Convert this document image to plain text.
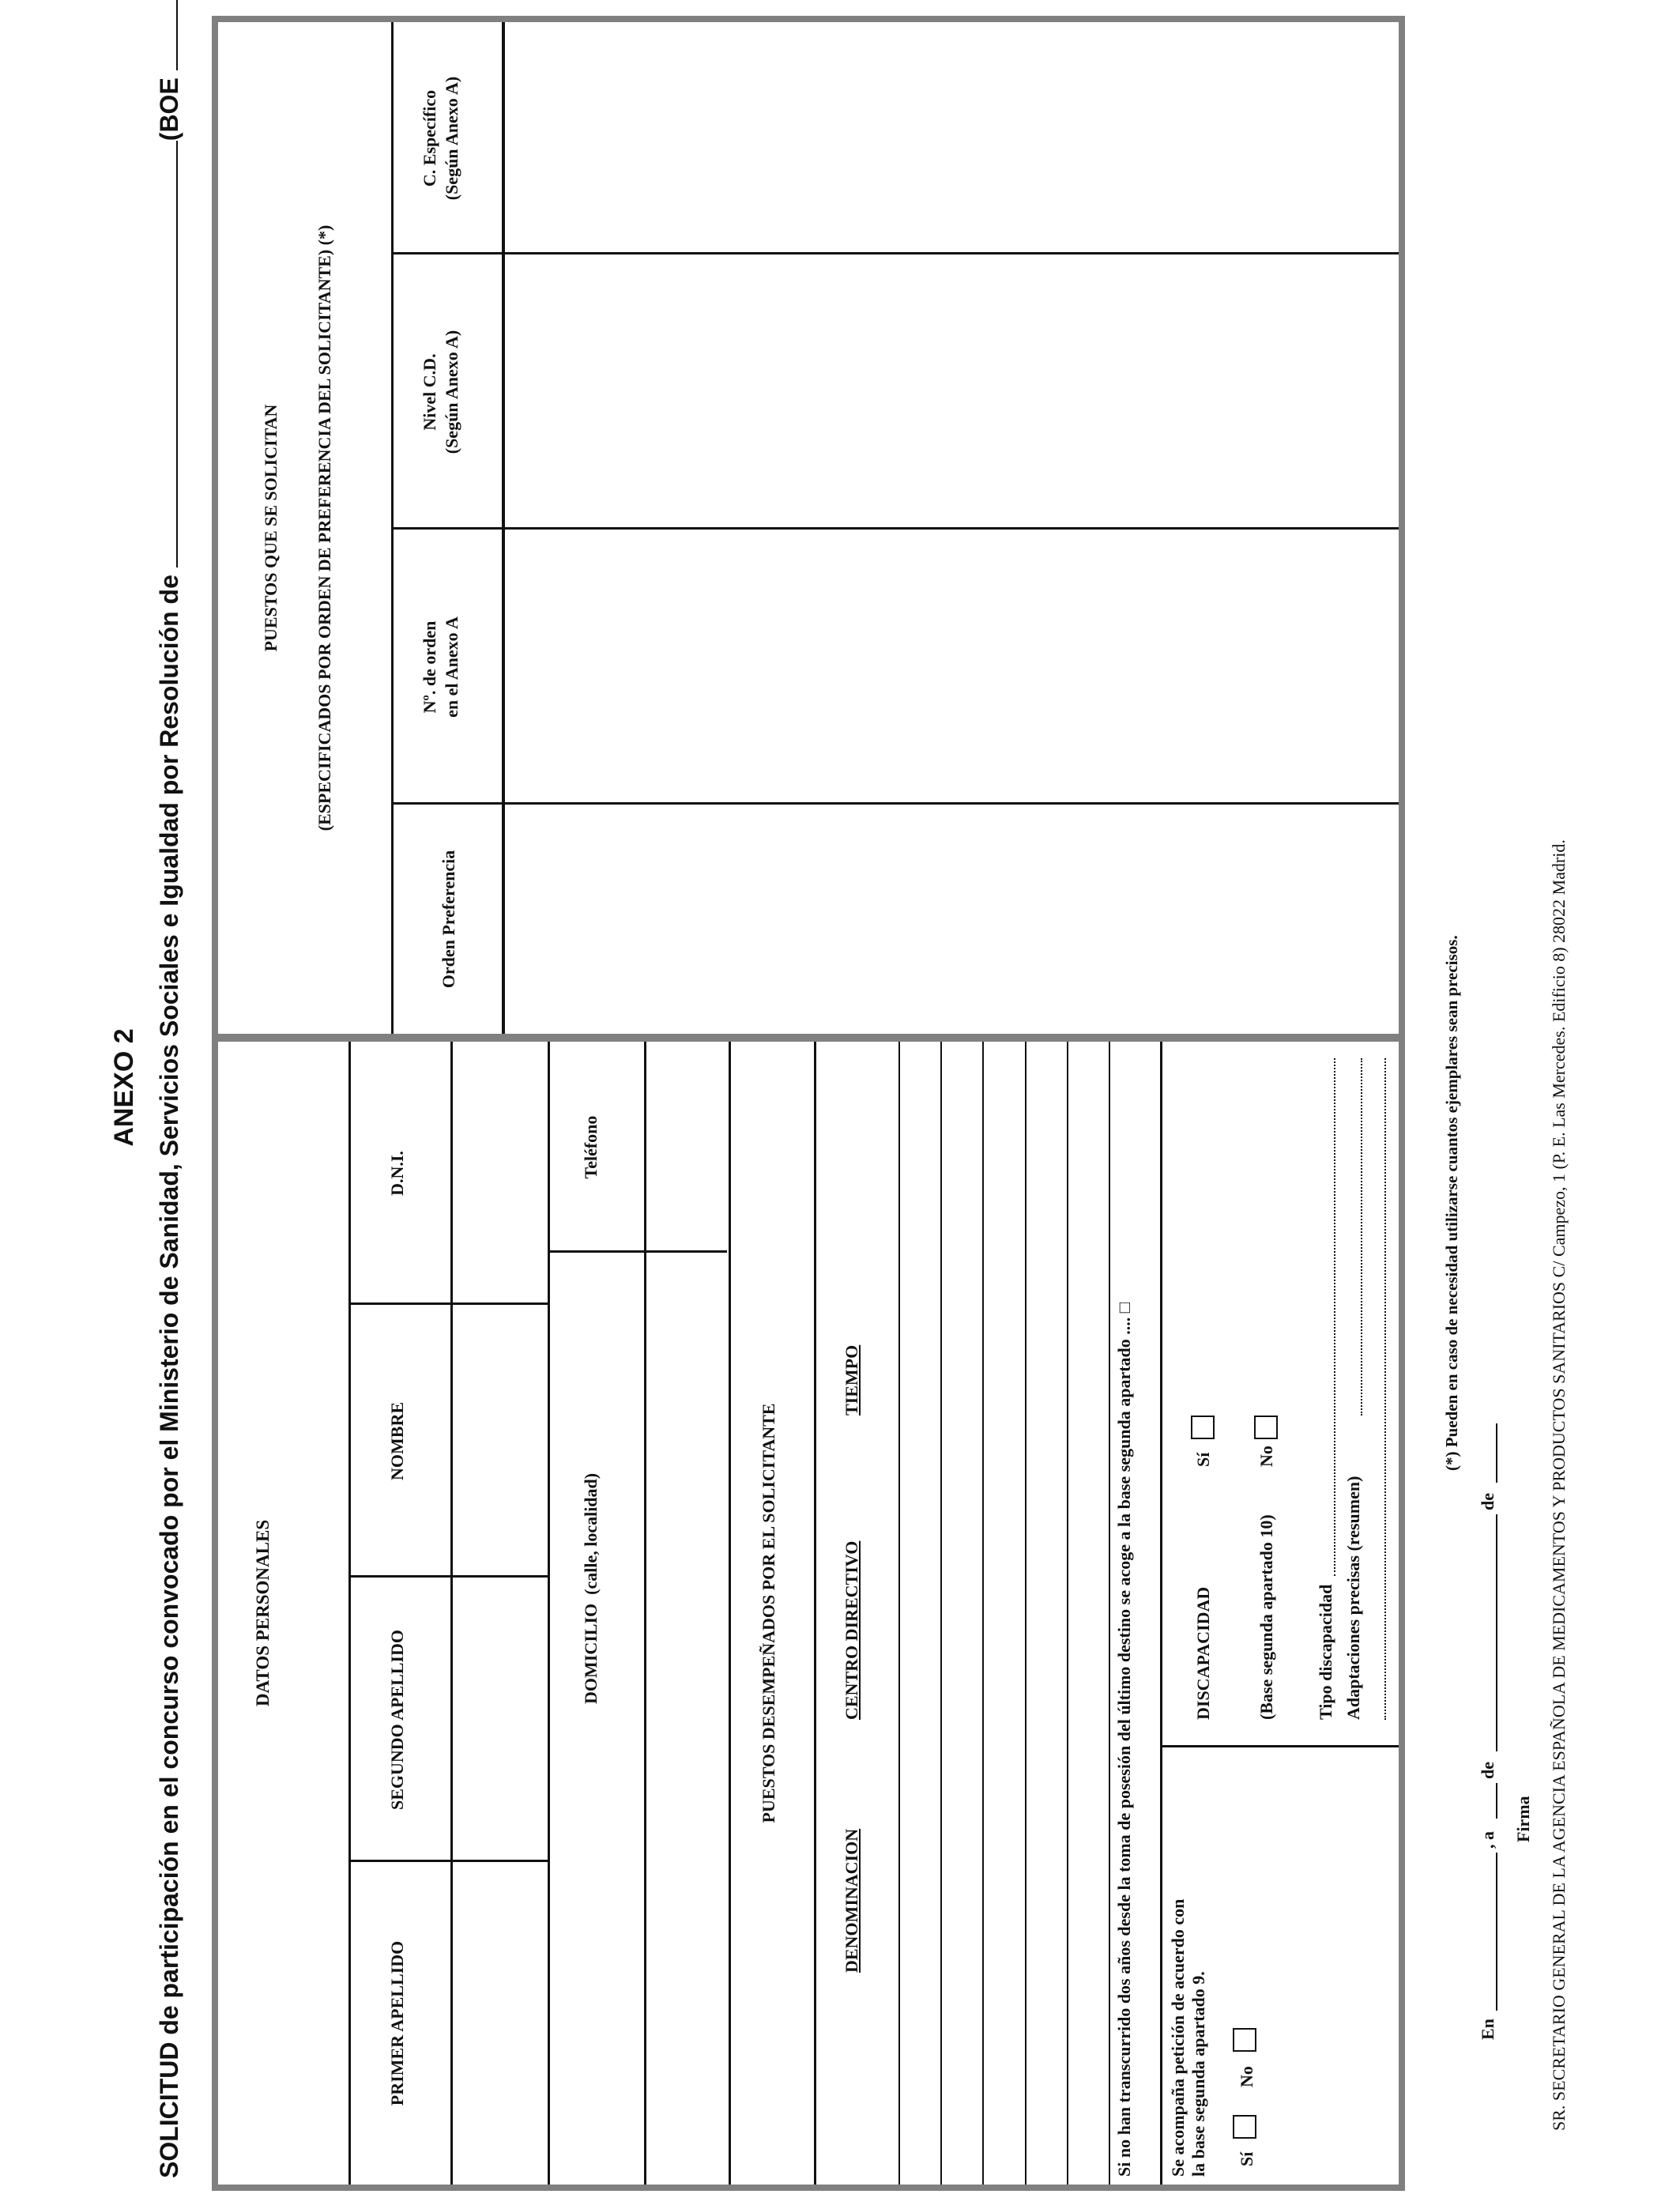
ANEXO 2
SOLICITUD de participación en el concurso convocado por el Ministerio de Sanidad, Servicios Sociales e Igualdad por Resolución de (BOE
DATOS PERSONALES
PRIMER APELLIDO
SEGUNDO APELLIDO
NOMBRE
D.N.I.
DOMICILIO  (calle, localidad)
Teléfono
PUESTOS DESEMPEÑADOS POR EL SOLICITANTE
DENOMINACION
CENTRO DIRECTIVO
TIEMPO	Si no han transcurrido dos años desde la toma de posesión del último destino se acoge a la base segunda apartado .... □ Se acompaña petición de acuerdo con
la base segunda apartado 9. Sí
No
DISCAPACIDAD
Sí
(Base segunda apartado 10)
No
Tipo discapacidad Adaptaciones precisas (resumen)
PUESTOS QUE SE SOLICITAN (ESPECIFICADOS POR ORDEN DE PREFERENCIA DEL SOLICITANTE) (*)
Orden Preferencia
Nº. de orden en el Anexo A
Nivel C.D. (Según Anexo A)
C. Específico (Según Anexo A)
En
, a
de
de
Firma
(*) Pueden en caso de necesidad utilizarse cuantos ejemplares sean precisos.	SR. SECRETARIO GENERAL DE LA AGENCIA ESPAÑOLA DE MEDICAMENTOS Y PRODUCTOS SANITARIOS C/ Campezo, 1 (P. E. Las Mercedes. Edificio 8) 28022 Madrid.
